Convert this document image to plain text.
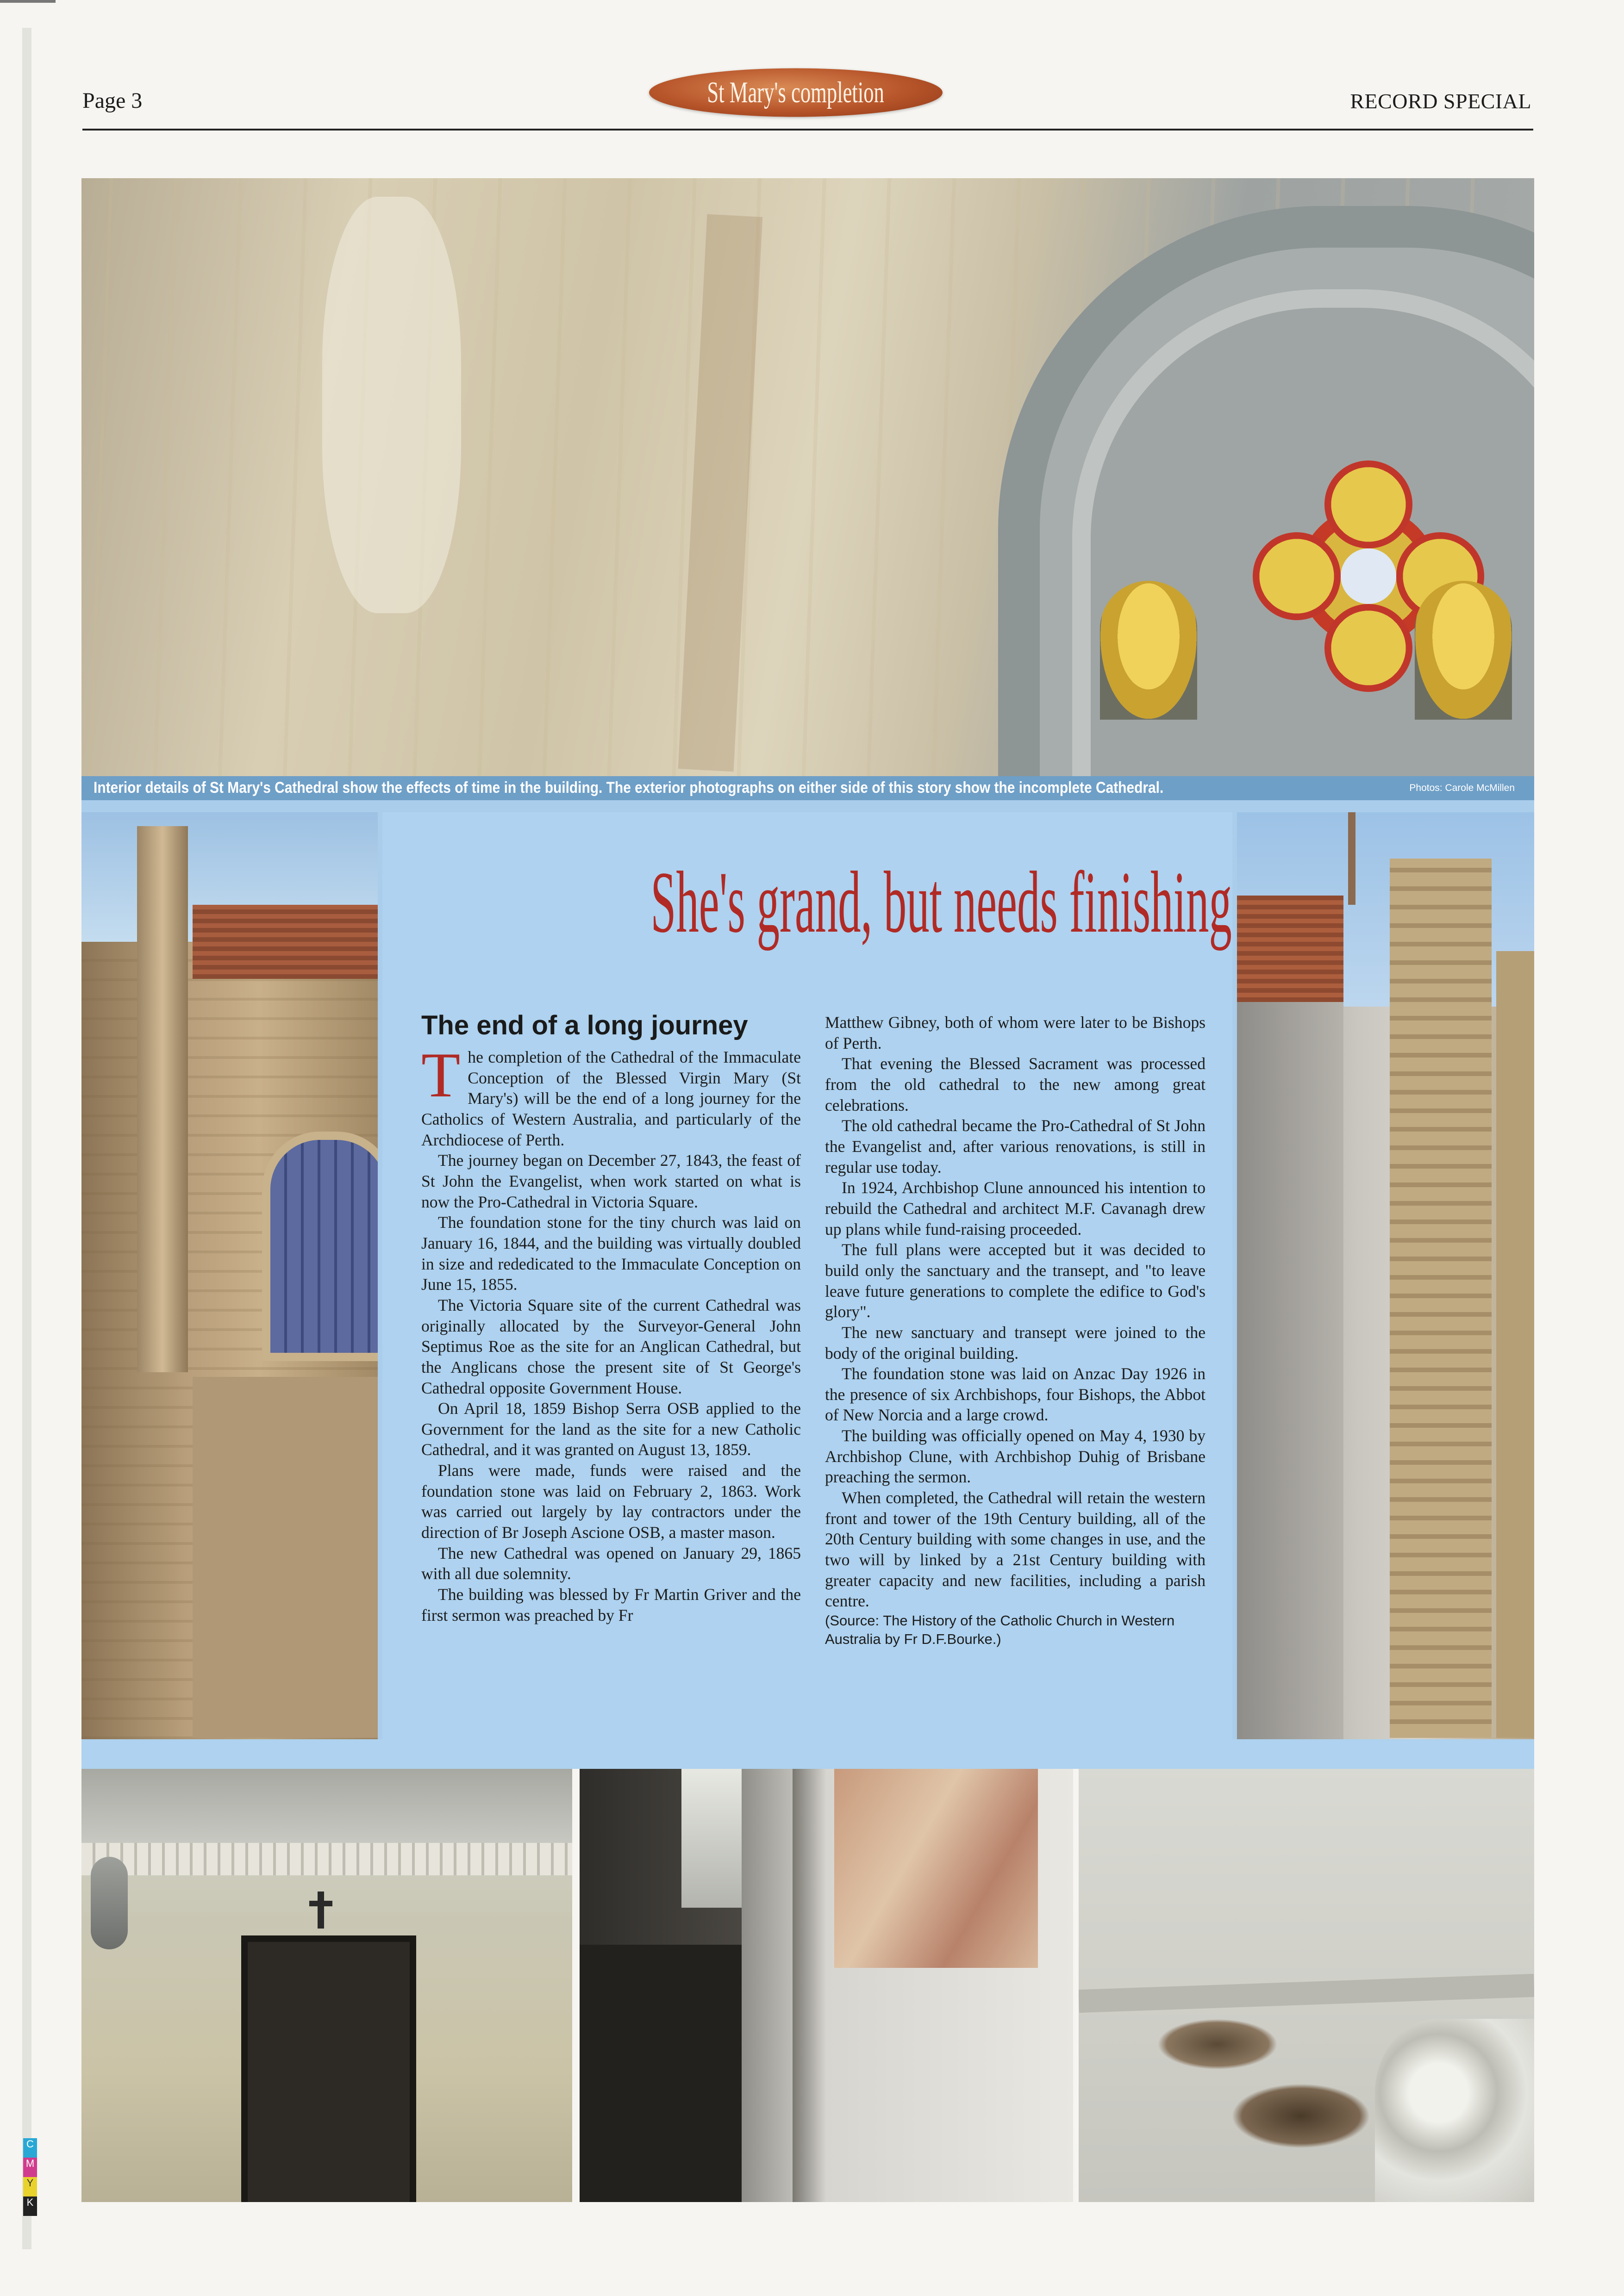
Page 3	St Mary's completion	RECORD SPECIAL
Interior details of St Mary's Cathedral show the effects of time in the building. The exterior photographs on either side of this story show the incomplete Cathedral.	Photos: Carole McMillen
She's grand, but needs finishing
The end of a long journey

The completion of the Cathedral of the Immaculate Conception of the Blessed Virgin Mary (St Mary's) will be the end of a long journey for the Catholics of Western Australia, and particularly of the Archdiocese of Perth.

The journey began on December 27, 1843, the feast of St John the Evangelist, when work started on what is now the Pro-Cathedral in Victoria Square.

The foundation stone for the tiny church was laid on January 16, 1844, and the building was virtually doubled in size and rededicated to the Immaculate Conception on June 15, 1855.

The Victoria Square site of the current Cathedral was originally allocated by the Surveyor-General John Septimus Roe as the site for an Anglican Cathedral, but the Anglicans chose the present site of St George's Cathedral opposite Government House.

On April 18, 1859 Bishop Serra OSB applied to the Government for the land as the site for a new Catholic Cathedral, and it was granted on August 13, 1859.

Plans were made, funds were raised and the foundation stone was laid on February 2, 1863. Work was carried out largely by lay contractors under the direction of Br Joseph Ascione OSB, a master mason.

The new Cathedral was opened on January 29, 1865 with all due solemnity.

The building was blessed by Fr Martin Griver and the first sermon was preached by Fr

Matthew Gibney, both of whom were later to be Bishops of Perth.

That evening the Blessed Sacrament was processed from the old cathedral to the new among great celebrations.

The old cathedral became the Pro-Cathedral of St John the Evangelist and, after various renovations, is still in regular use today.

In 1924, Archbishop Clune announced his intention to rebuild the Cathedral and architect M.F. Cavanagh drew up plans while fund-raising proceeded.

The full plans were accepted but it was decided to build only the sanctuary and the transept, and "to leave leave future generations to complete the edifice to God's glory".

The new sanctuary and transept were joined to the body of the original building.

The foundation stone was laid on Anzac Day 1926 in the presence of six Archbishops, four Bishops, the Abbot of New Norcia and a large crowd.

The building was officially opened on May 4, 1930 by Archbishop Clune, with Archbishop Duhig of Brisbane preaching the sermon.

When completed, the Cathedral will retain the western front and tower of the 19th Century building, all of the 20th Century building with some changes in use, and the two will by linked by a 21st Century building with greater capacity and new facilities, including a parish centre.

(Source: The History of the Catholic Church in Western Australia by Fr D.F.Bourke.)

C
M
Y
K
